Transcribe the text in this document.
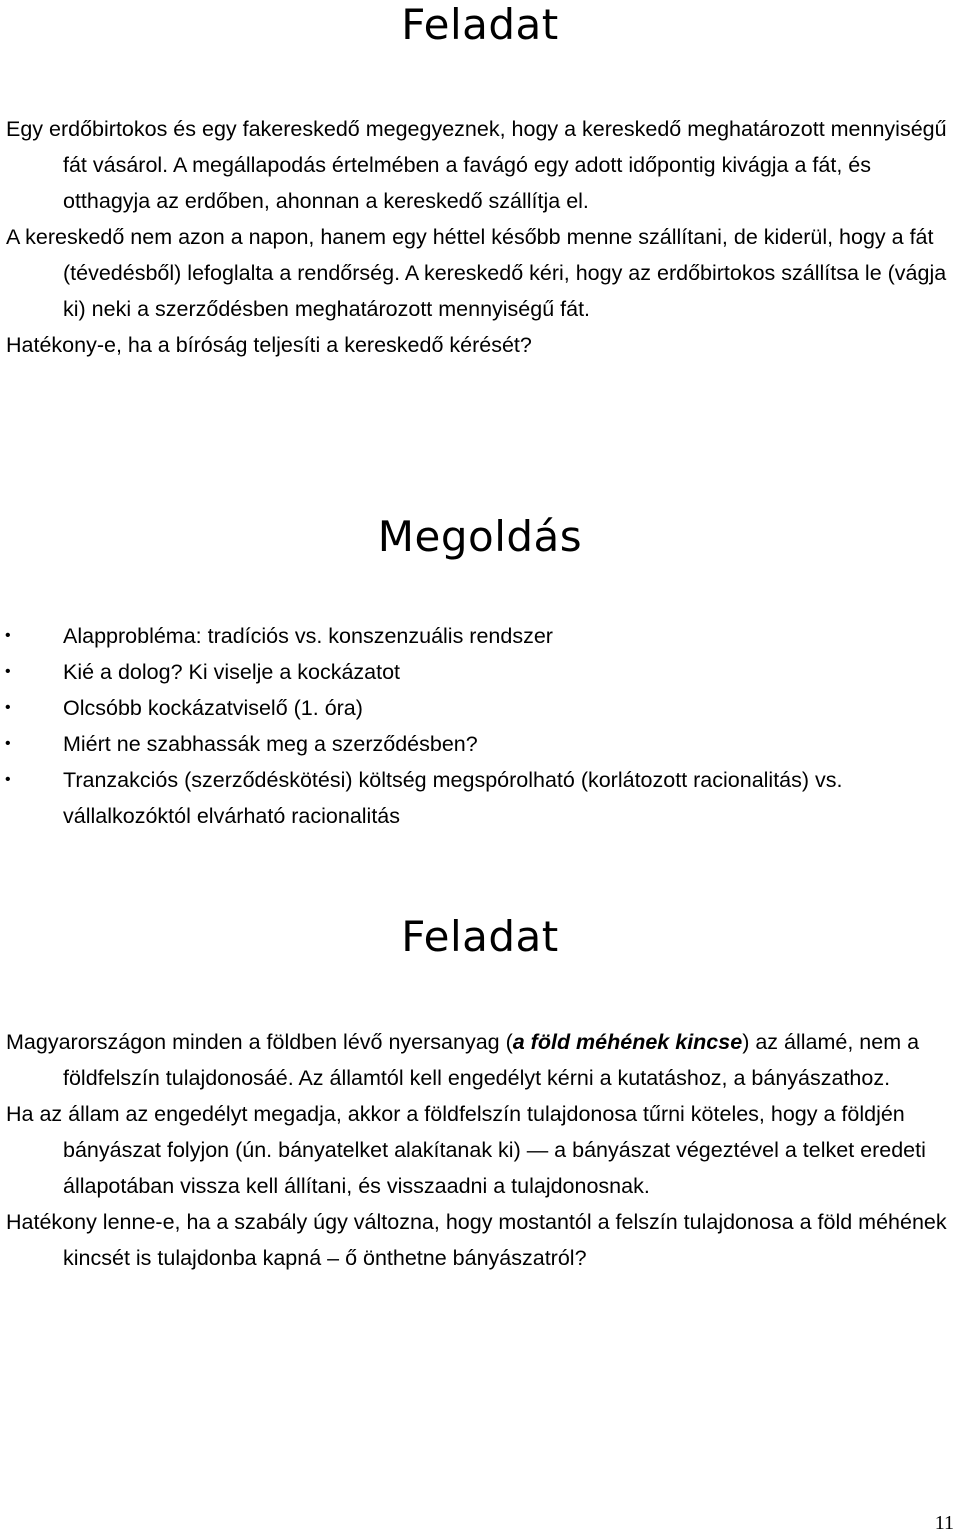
Feladat

Egy erdőbirtokos és egy fakereskedő megegyeznek, hogy a kereskedő meghatározott mennyiségű fát vásárol. A megállapodás értelmében a favágó egy adott időpontig kivágja a fát, és otthagyja az erdőben, ahonnan a kereskedő szállítja el.

A kereskedő nem azon a napon, hanem egy héttel később menne szállítani, de kiderül, hogy a fát (tévedésből) lefoglalta a rendőrség. A kereskedő kéri, hogy az erdőbirtokos szállítsa le (vágja ki) neki a szerződésben meghatározott mennyiségű fát.

Hatékony-e, ha a bíróság teljesíti a kereskedő kérését?

Megoldás
• Alapprobléma: tradíciós vs. konszenzuális rendszer
• Kié a dolog? Ki viselje a kockázatot
• Olcsóbb kockázatviselő (1. óra)
• Miért ne szabhassák meg a szerződésben?
• Tranzakciós (szerződéskötési) költség megspórolható (korlátozott racionalitás) vs. vállalkozóktól elvárható racionalitás
Feladat

Magyarországon minden a földben lévő nyersanyag (a föld méhének kincse) az államé, nem a földfelszín tulajdonosáé. Az államtól kell engedélyt kérni a kutatáshoz, a bányászathoz.

Ha az állam az engedélyt megadja, akkor a földfelszín tulajdonosa tűrni köteles, hogy a földjén bányászat folyjon (ún. bányatelket alakítanak ki) — a bányászat végeztével a telket eredeti állapotában vissza kell állítani, és visszaadni a tulajdonosnak.

Hatékony lenne-e, ha a szabály úgy változna, hogy mostantól a felszín tulajdonosa a föld méhének kincsét is tulajdonba kapná – ő önthetne bányászatról?

11
